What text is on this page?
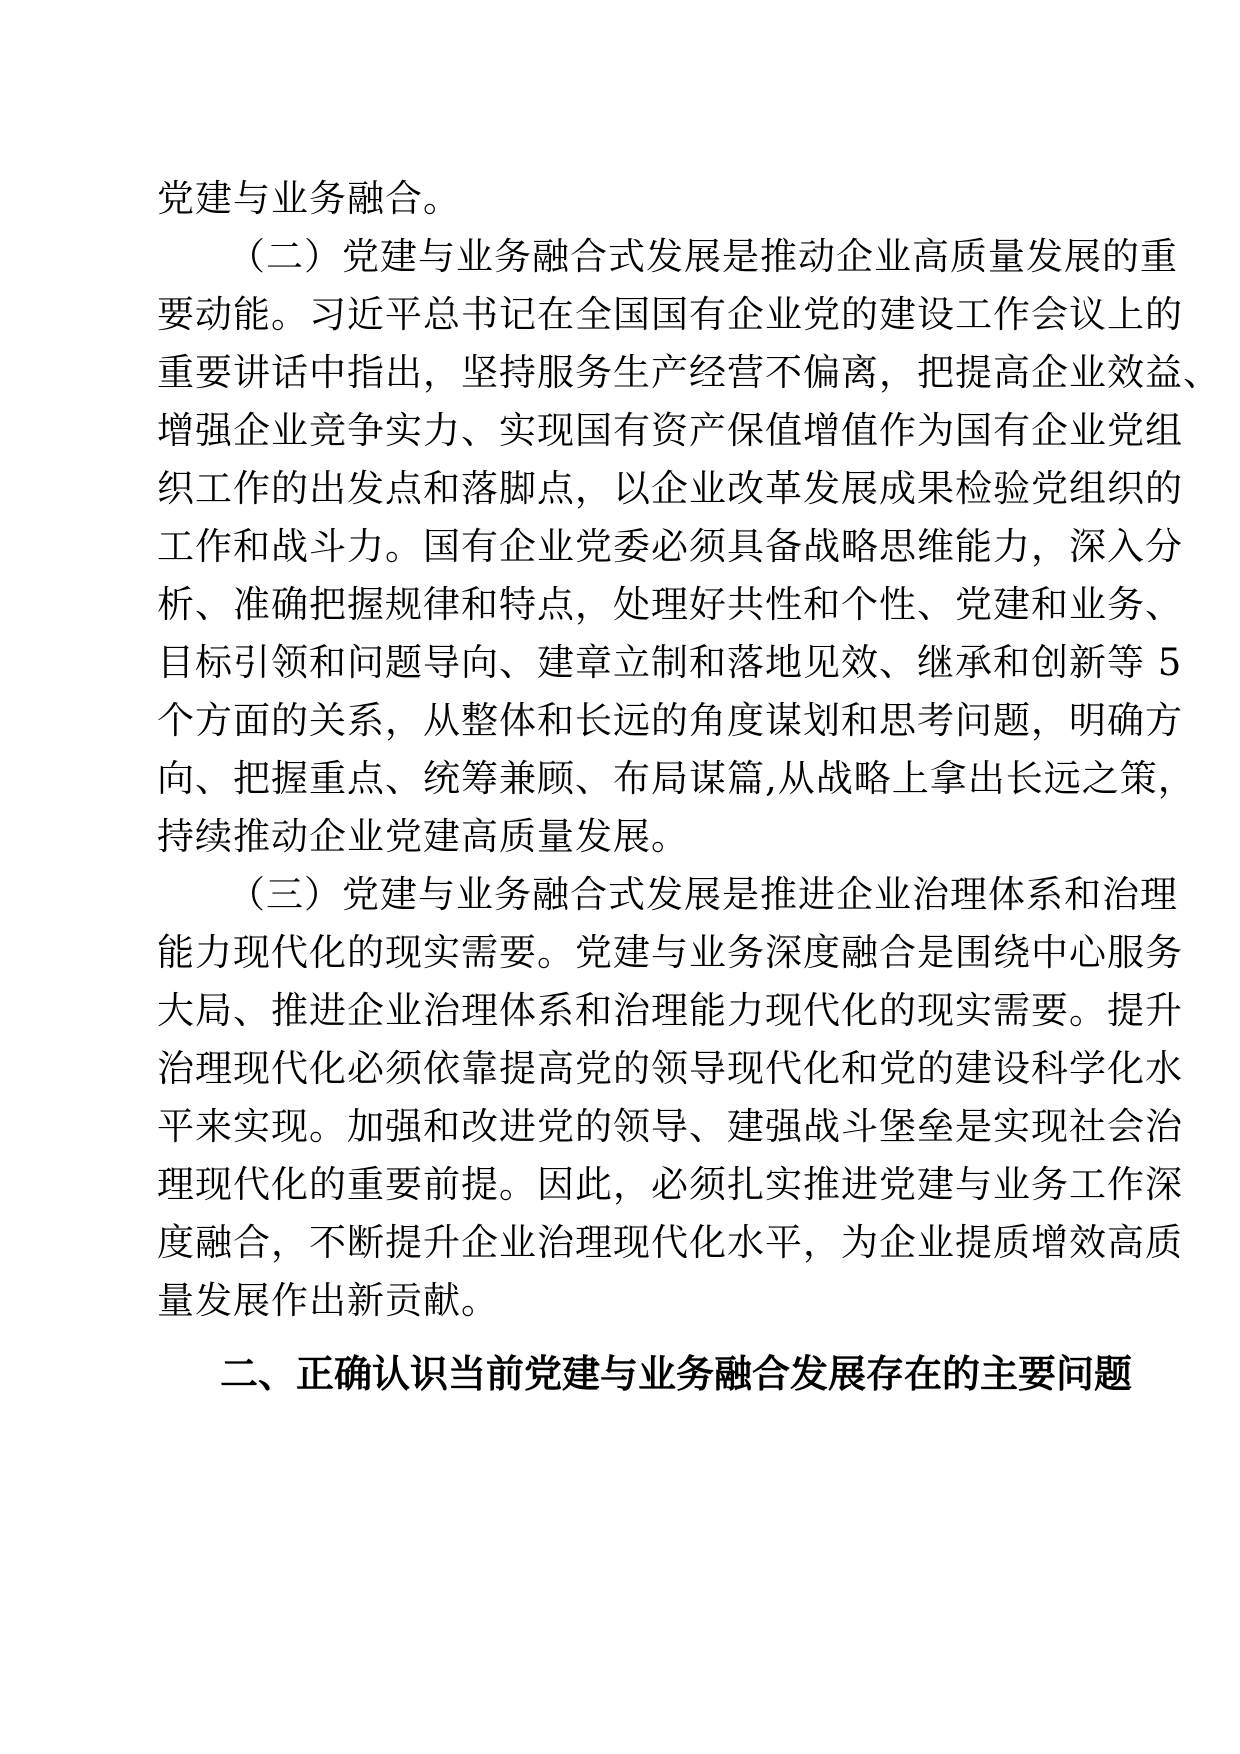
党建与业务融合。

（二）党建与业务融合式发展是推动企业高质量发展的重

要动能。习近平总书记在全国国有企业党的建设工作会议上的

重要讲话中指出，坚持服务生产经营不偏离，把提高企业效益、

增强企业竞争实力、实现国有资产保值增值作为国有企业党组

织工作的出发点和落脚点，以企业改革发展成果检验党组织的

工作和战斗力。国有企业党委必须具备战略思维能力，深入分

析、准确把握规律和特点，处理好共性和个性、党建和业务、

目标引领和问题导向、建章立制和落地见效、继承和创新等 5

个方面的关系，从整体和长远的角度谋划和思考问题，明确方

向、把握重点、统筹兼顾、布局谋篇,从战略上拿出长远之策，

持续推动企业党建高质量发展。

（三）党建与业务融合式发展是推进企业治理体系和治理

能力现代化的现实需要。党建与业务深度融合是围绕中心服务

大局、推进企业治理体系和治理能力现代化的现实需要。提升

治理现代化必须依靠提高党的领导现代化和党的建设科学化水

平来实现。加强和改进党的领导、建强战斗堡垒是实现社会治

理现代化的重要前提。因此，必须扎实推进党建与业务工作深

度融合，不断提升企业治理现代化水平，为企业提质增效高质

量发展作出新贡献。

二、正确认识当前党建与业务融合发展存在的主要问题
